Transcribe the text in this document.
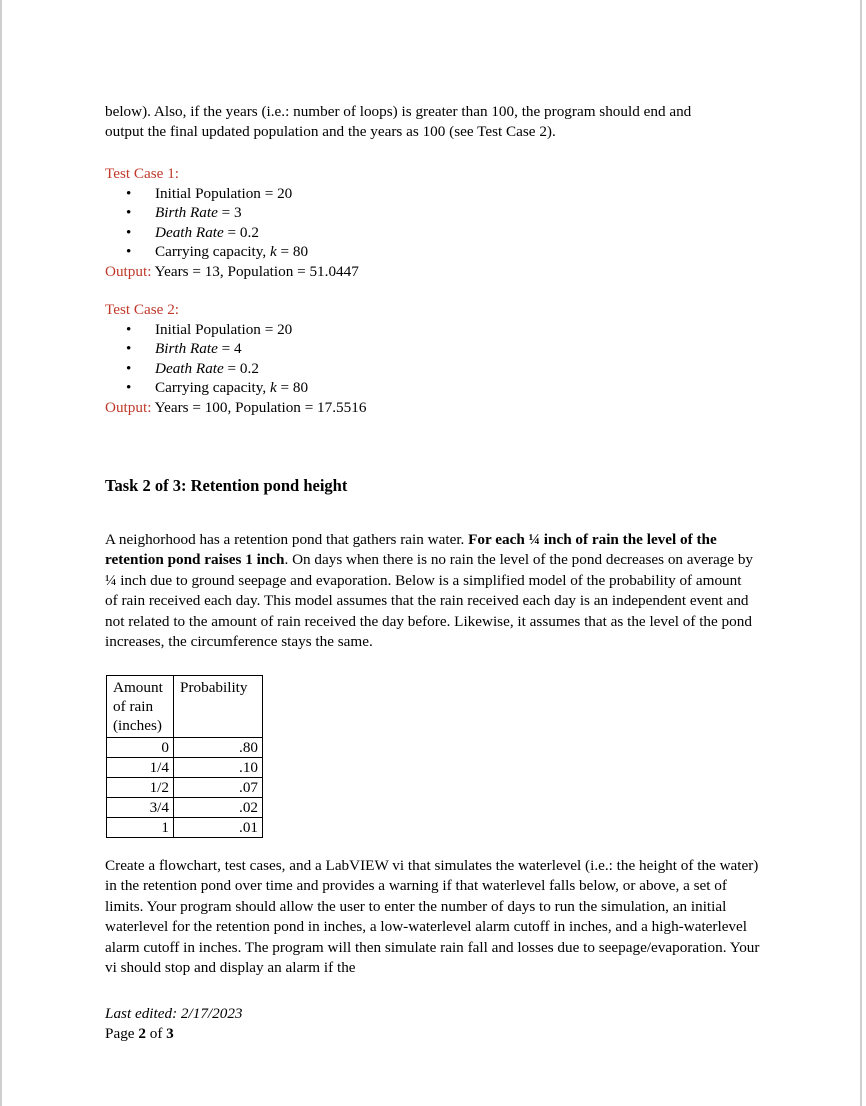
below). Also, if the years (i.e.: number of loops) is greater than 100, the program should end and
output the final updated population and the years as 100 (see Test Case 2).

Test Case 1:

• Initial Population = 20
• Birth Rate = 3
• Death Rate = 0.2
• Carrying capacity, k = 80

Output: Years = 13, Population = 51.0447

Test Case 2:

• Initial Population = 20
• Birth Rate = 4
• Death Rate = 0.2
• Carrying capacity, k = 80

Output: Years = 100, Population = 17.5516

Task 2 of 3: Retention pond height

A neighorhood has a retention pond that gathers rain water. For each ¼ inch of rain the level of the retention pond raises 1 inch. On days when there is no rain the level of the pond decreases on average by ¼ inch due to ground seepage and evaporation. Below is a simplified model of the probability of amount of rain received each day. This model assumes that the rain received each day is an independent event and not related to the amount of rain received the day before. Likewise, it assumes that as the level of the pond increases, the circumference stays the same.

Amount
of rain
(inches)	Probability
0	.80
1/4	.10
1/2	.07
3/4	.02
1	.01

Create a flowchart, test cases, and a LabVIEW vi that simulates the waterlevel (i.e.: the height of the water) in the retention pond over time and provides a warning if that waterlevel falls below, or above, a set of limits. Your program should allow the user to enter the number of days to run the simulation, an initial waterlevel for the retention pond in inches, a low-waterlevel alarm cutoff in inches, and a high-waterlevel alarm cutoff in inches. The program will then simulate rain fall and losses due to seepage/evaporation. Your vi should stop and display an alarm if the

Last edited: 2/17/2023
Page 2 of 3
